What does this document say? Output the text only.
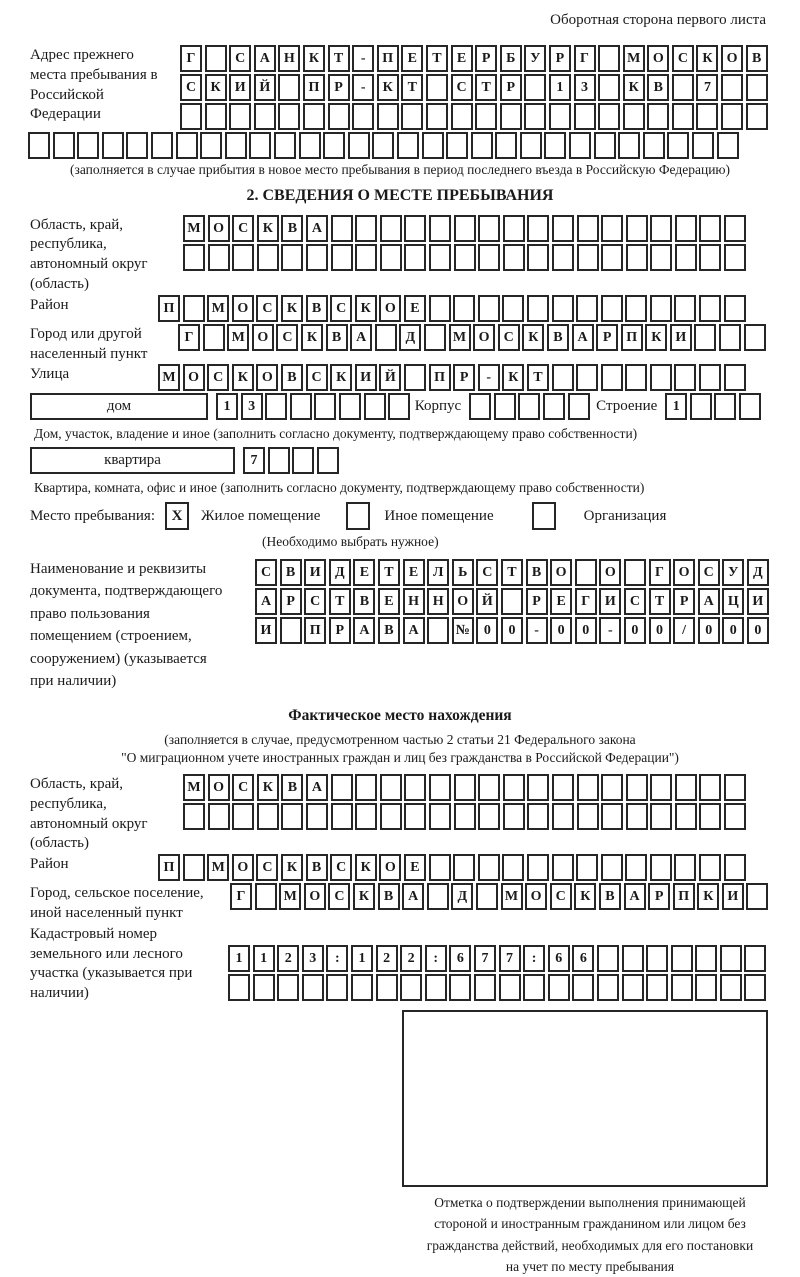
Оборотная сторона первого листа
Адрес прежнего места пребывания в Российской Федерации
Г	С А Н К Т - П Е Т Е Р Б У Р Г	М О С К О В
С К И Й	П Р - К Т	С Т Р	1 3	К В	7
(заполняется в случае прибытия в новое место пребывания в период последнего въезда в Российскую Федерацию)
2. СВЕДЕНИЯ О МЕСТЕ ПРЕБЫВАНИЯ
Область, край, республика, автономный округ (область)
М О С К В А
Район	П	М О С К В С К О Е
Город или другой населенный пункт
Г	М О С К В А	Д	М О С К В А Р П К И
Улица	М О С К О В С К И Й	П Р - К Т
дом	1 3	Корпус	Строение	1
Дом, участок, владение и иное (заполнить согласно документу, подтверждающему право собственности)
квартира	7
Квартира, комната, офис и иное (заполнить согласно документу, подтверждающему право собственности)
Место пребывания:	X	Жилое помещение	Иное помещение	Организация
(Необходимо выбрать нужное)
Наименование и реквизиты документа, подтверждающего право пользования помещением (строением, сооружением) (указывается при наличии)
С В И Д Е Т Е Л Ь С Т В О	О	Г О С У Д
А Р С Т В Е Н Н О Й	Р Е Г И С Т Р А Ц И
И	П Р А В А	№ 0 0 - 0 0 - 0 0 / 0 0 0
Фактическое место нахождения
(заполняется в случае, предусмотренном частью 2 статьи 21 Федерального закона
"О миграционном учете иностранных граждан и лиц без гражданства в Российской Федерации")
Область, край, республика, автономный округ (область)
М О С К В А
Район	П	М О С К В С К О Е
Город, сельское поселение, иной населенный пункт
Г	М О С К В А	Д	М О С К В А Р П К И
Кадастровый номер земельного или лесного участка (указывается при наличии)
1 1 2 3 : 1 2 2 : 6 7 7 : 6 6
Отметка о подтверждении выполнения принимающей
стороной и иностранным гражданином или лицом без
гражданства действий, необходимых для его постановки
на учет по месту пребывания
